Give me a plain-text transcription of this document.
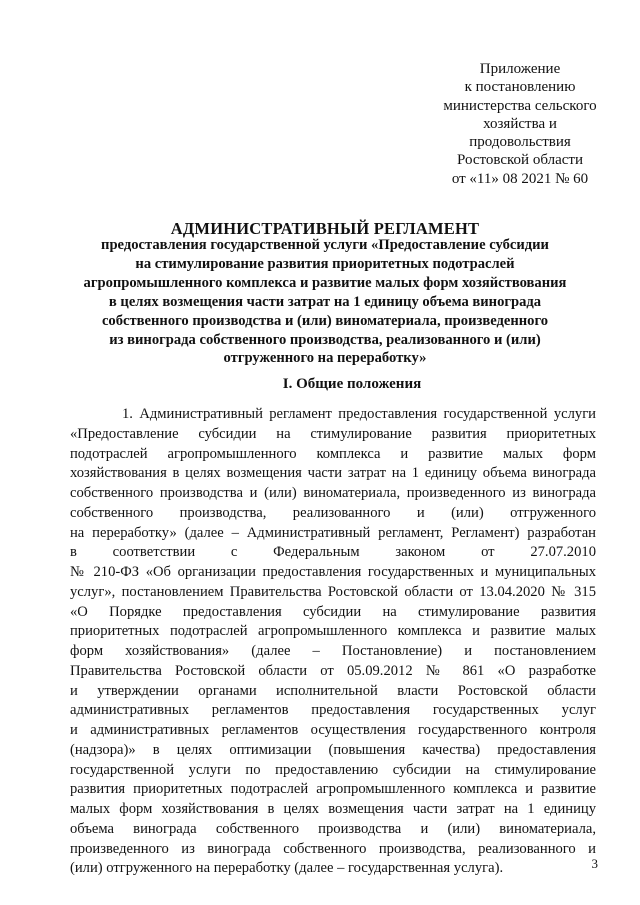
Приложение
к постановлению
министерства сельского
хозяйства и
продовольствия
Ростовской области
от «11» 08 2021 № 60
АДМИНИСТРАТИВНЫЙ РЕГЛАМЕНТ
предоставления государственной услуги «Предоставление субсидии
на стимулирование развития приоритетных подотраслей
агропромышленного комплекса и развитие малых форм хозяйствования
в целях возмещения части затрат на 1 единицу объема винограда
собственного производства и (или) виноматериала, произведенного
из винограда собственного производства, реализованного и (или)
отгруженного на переработку»
I. Общие положения
1. Административный регламент предоставления государственной услуги
«Предоставление субсидии на стимулирование развития приоритетных
подотраслей агропромышленного комплекса и развитие малых форм
хозяйствования в целях возмещения части затрат на 1 единицу объема винограда
собственного производства и (или) виноматериала, произведенного из винограда
собственного производства, реализованного и (или) отгруженного
на переработку» (далее – Административный регламент, Регламент) разработан
в соответствии с Федеральным законом от 27.07.2010
№ 210-ФЗ «Об организации предоставления государственных и муниципальных
услуг», постановлением Правительства Ростовской области от 13.04.2020 № 315
«О Порядке предоставления субсидии на стимулирование развития
приоритетных подотраслей агропромышленного комплекса и развитие малых
форм хозяйствования» (далее – Постановление) и постановлением
Правительства Ростовской области от 05.09.2012 № 861 «О разработке
и утверждении органами исполнительной власти Ростовской области
административных регламентов предоставления государственных услуг
и административных регламентов осуществления государственного контроля
(надзора)» в целях оптимизации (повышения качества) предоставления
государственной услуги по предоставлению субсидии на стимулирование
развития приоритетных подотраслей агропромышленного комплекса и развитие
малых форм хозяйствования в целях возмещения части затрат на 1 единицу
объема винограда собственного производства и (или) виноматериала,
произведенного из винограда собственного производства, реализованного и
(или) отгруженного на переработку (далее – государственная услуга).	3
